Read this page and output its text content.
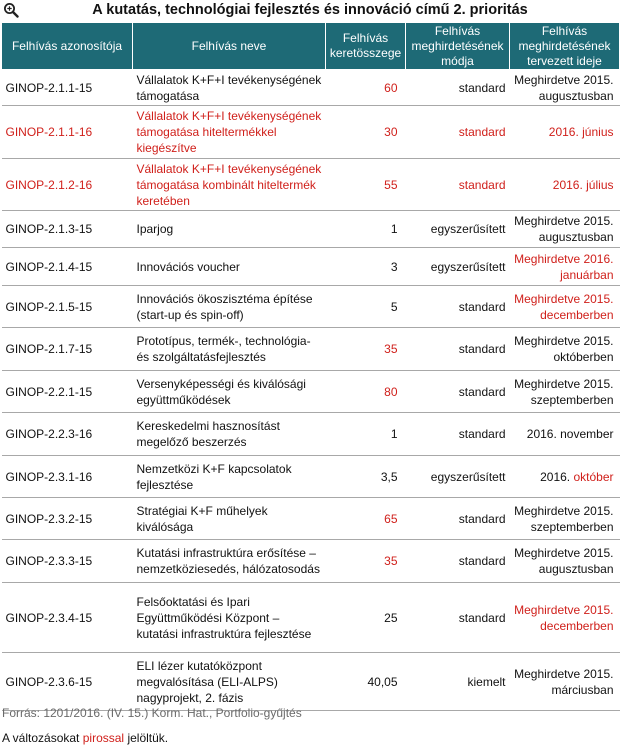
A kutatás, technológiai fejlesztés és innováció című 2. prioritás
Felhívás azonosítója	Felhívás neve	Felhívás keretösszege	Felhívás meghirdetésének módja	Felhívás meghirdetésének tervezett ideje
GINOP-2.1.1-15	Vállalatok K+F+I tevékenységének támogatása	60	standard	Meghirdetve 2015.
augusztusban
GINOP-2.1.1-16	Vállalatok K+F+I tevékenységének támogatása hiteltermékkel kiegészítve	30	standard	2016. június
GINOP-2.1.2-16	Vállalatok K+F+I tevékenységének támogatása kombinált hiteltermék keretében	55	standard	2016. július
GINOP-2.1.3-15	Iparjog	1	egyszerűsített	Meghirdetve 2015.
augusztusban
GINOP-2.1.4-15	Innovációs voucher	3	egyszerűsített	Meghirdetve 2016. januárban
GINOP-2.1.5-15	Innovációs ökoszisztéma építése (start-up és spin-off)	5	standard	Meghirdetve 2015. decemberben
GINOP-2.1.7-15	Prototípus, termék-, technológia- és szolgáltatásfejlesztés	35	standard	Meghirdetve 2015.
októberben
GINOP-2.2.1-15	Versenyképességi és kiválósági együttműködések	80	standard	Meghirdetve 2015.
szeptemberben
GINOP-2.2.3-16	Kereskedelmi hasznosítást megelőző beszerzés	1	standard	2016. november
GINOP-2.3.1-16	Nemzetközi K+F kapcsolatok fejlesztése	3,5	egyszerűsített	2016. október
GINOP-2.3.2-15	Stratégiai K+F műhelyek kiválósága	65	standard	Meghirdetve 2015.
szeptemberben
GINOP-2.3.3-15	Kutatási infrastruktúra erősítése – nemzetköziesedés, hálózatosodás	35	standard	Meghirdetve 2015.
augusztusban
GINOP-2.3.4-15	Felsőoktatási és Ipari Együttműködési Központ – kutatási infrastruktúra fejlesztése	25	standard	Meghirdetve 2015. decemberben
GINOP-2.3.6-15	ELI lézer kutatóközpont megvalósítása (ELI-ALPS) nagyprojekt, 2. fázis	40,05	kiemelt	Meghirdetve 2015.
márciusban
Forrás: 1201/2016. (IV. 15.) Korm. Hat., Portfolio-gyűjtés
A változásokat pirossal jelöltük.
